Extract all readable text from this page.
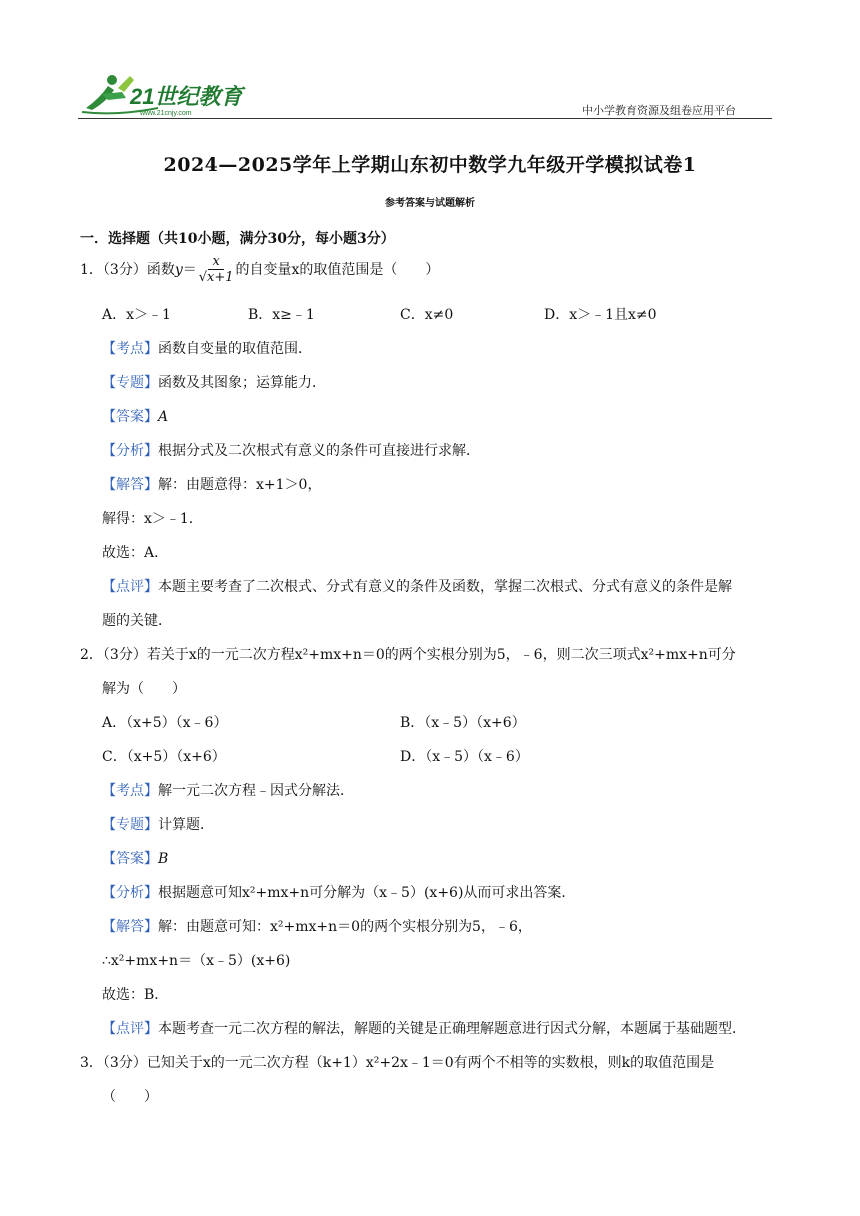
21世纪教育
www.21cnjy.com	中小学教育资源及组卷应用平台
2024—2025学年上学期山东初中数学九年级开学模拟试卷1
参考答案与试题解析
一．选择题（共10小题，满分30分，每小题3分）
1．（3分）函数$y= \frac{x}{√x+1}$ 的自变量x的取值范围是（　　）
A．x＞﹣1	B．x≥﹣1	C．x≠0	D．x＞﹣1且x≠0
【考点】函数自变量的取值范围．
【专题】函数及其图象；运算能力．
【答案】A
【分析】根据分式及二次根式有意义的条件可直接进行求解．
【解答】解：由题意得：x+1＞0，
解得：x＞﹣1．
故选：A．
【点评】本题主要考查了二次根式、分式有意义的条件及函数，掌握二次根式、分式有意义的条件是解
题的关键．
2．（3分）若关于x的一元二次方程x²+mx+n＝0的两个实根分别为5，﹣6，则二次三项式x²+mx+n可分
解为（　　）
A．（x+5）（x﹣6）	B．（x﹣5）（x+6）
C．（x+5）（x+6）	D．（x﹣5）（x﹣6）
【考点】解一元二次方程﹣因式分解法．
【专题】计算题．
【答案】B
【分析】根据题意可知x²+mx+n可分解为（x﹣5）(x+6)从而可求出答案．
【解答】解：由题意可知：x²+mx+n＝0的两个实根分别为5，﹣6，
∴x²+mx+n＝（x﹣5）(x+6)
故选：B．
【点评】本题考查一元二次方程的解法，解题的关键是正确理解题意进行因式分解，本题属于基础题型．
3．（3分）已知关于x的一元二次方程（k+1）x²+2x﹣1＝0有两个不相等的实数根，则k的取值范围是
（　　）
